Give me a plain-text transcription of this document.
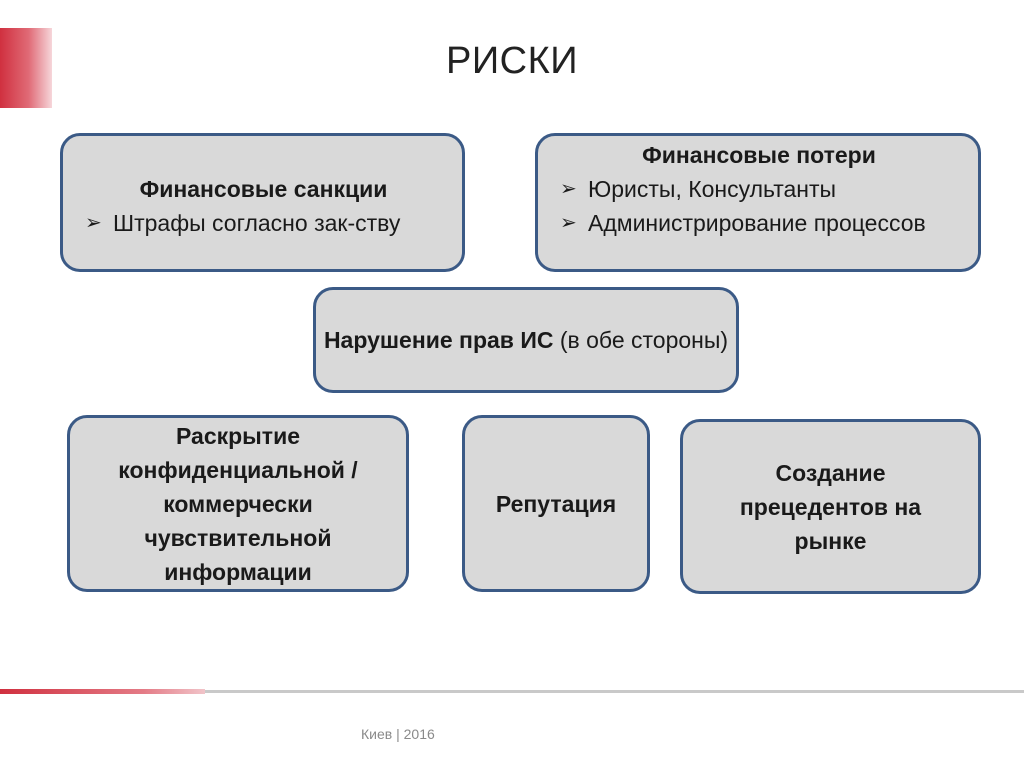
РИСКИ
Финансовые санкции
➢ Штрафы согласно зак-ству
Финансовые потери
➢ Юристы, Консультанты
➢ Администрирование процессов
Нарушение прав ИС (в обе стороны)
Раскрытие конфиденциальной / коммерчески чувствительной информации
Репутация
Создание прецедентов на рынке
Киев | 2016
